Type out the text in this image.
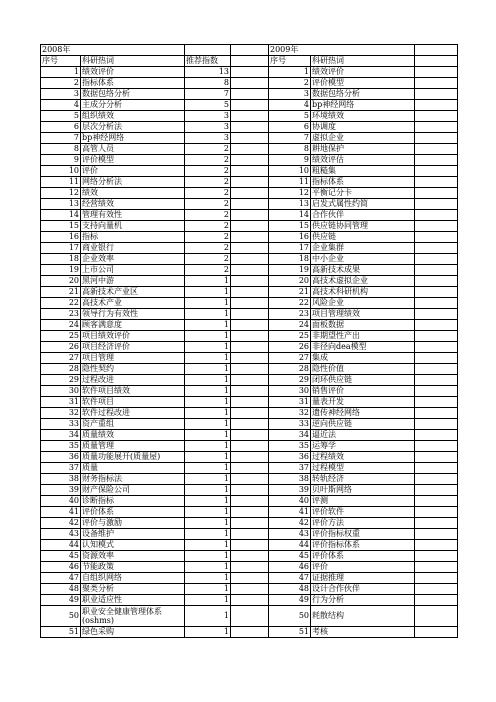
2008年				2009年		
序号	科研热词	推荐指数		序号	科研热词	
1	绩效评价	13		1	绩效评价	
2	指标体系	8		2	评价模型	
3	数据包络分析	7		3	数据包络分析	
4	主成分分析	5		4	bp神经网络	
5	组织绩效	3		5	环境绩效	
6	层次分析法	3		6	协调度	
7	bp神经网络	3		7	虚拟企业	
8	高管人员	2		8	耕地保护	
9	评价模型	2		9	绩效评估	
10	评价	2		10	粗糙集	
11	网络分析法	2		11	指标体系	
12	绩效	2		12	平衡记分卡	
13	经营绩效	2		13	启发式属性约简	
14	管理有效性	2		14	合作伙伴	
15	支持向量机	2		15	供应链协同管理	
16	指标	2		16	供应链	
17	商业银行	2		17	企业集群	
18	企业效率	2		18	中小企业	
19	上市公司	2		19	高新技术成果	
20	黑河中游	1		20	高技术虚拟企业	
21	高新技术产业区	1		21	高技术科研机构	
22	高技术产业	1		22	风险企业	
23	领导行为有效性	1		23	项目管理绩效	
24	顾客满意度	1		24	面板数据	
25	项目绩效评价	1		25	非期望性产出	
26	项目经济评价	1		26	非径向dea模型	
27	项目管理	1		27	集成	
28	隐性契约	1		28	隐性价值	
29	过程改进	1		29	闭环供应链	
30	软件项目绩效	1		30	销售评价	
31	软件项目	1		31	量表开发	
32	软件过程改进	1		32	遗传神经网络	
33	资产重组	1		33	逆向供应链	
34	质量绩效	1		34	逼近法	
35	质量管理	1		35	运筹学	
36	质量功能展开(质量屋)	1		36	过程绩效	
37	质量	1		37	过程模型	
38	财务指标法	1		38	转轨经济	
39	财产保险公司	1		39	贝叶斯网络	
40	诊断指标	1		40	评测	
41	评价体系	1		41	评价软件	
42	评价与激励	1		42	评价方法	
43	设备维护	1		43	评价指标权重	
44	认知模式	1		44	评价指标体系	
45	资源效率	1		45	评价体系	
46	节能政策	1		46	评价	
47	自组织网络	1		47	证据推理	
48	聚类分析	1		48	设计合作伙伴	
49	职业适应性	1		49	行为分析	
50	职业安全健康管理体系(oshms)	1		50	耗散结构	
51	绿色采购	1		51	考核	
